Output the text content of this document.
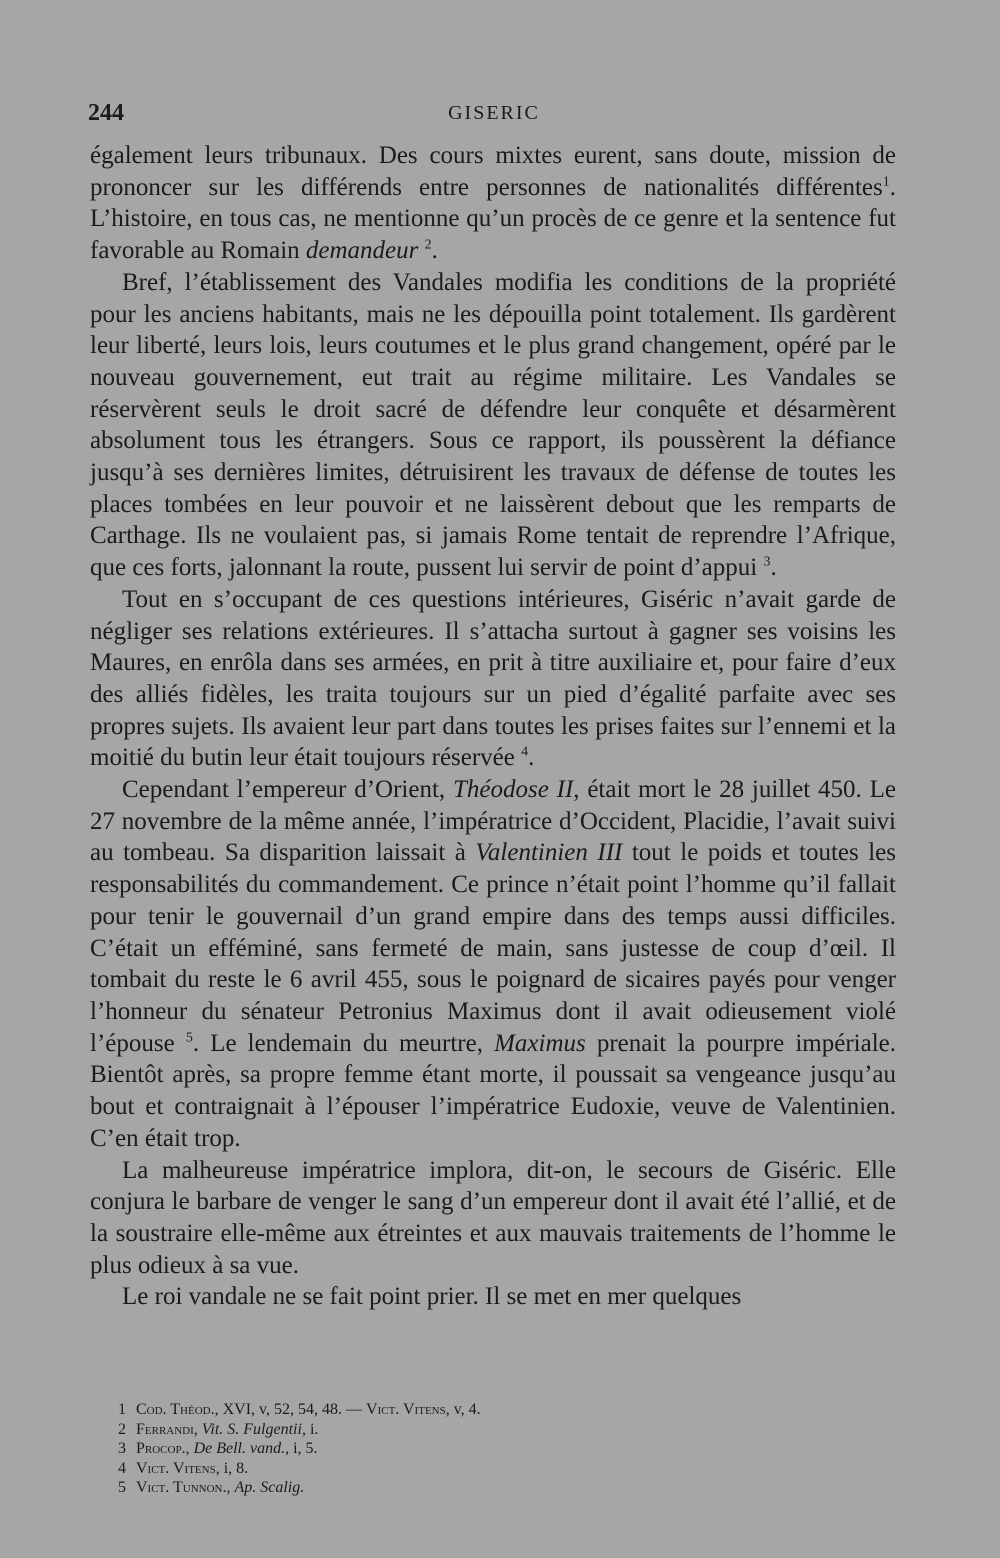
244	GISERIC

également leurs tribunaux. Des cours mixtes eurent, sans doute, mission de prononcer sur les différends entre personnes de nationalités différentes$^1$. L’histoire, en tous cas, ne mentionne qu’un procès de ce genre et la sentence fut favorable au Romain demandeur $^2$.

Bref, l’établissement des Vandales modifia les conditions de la propriété pour les anciens habitants, mais ne les dépouilla point totalement. Ils gardèrent leur liberté, leurs lois, leurs coutumes et le plus grand changement, opéré par le nouveau gouvernement, eut trait au régime militaire. Les Vandales se réservèrent seuls le droit sacré de défendre leur conquête et désarmèrent absolument tous les étrangers. Sous ce rapport, ils poussèrent la défiance jusqu’à ses dernières limites, détruisirent les travaux de défense de toutes les places tombées en leur pouvoir et ne laissèrent debout que les remparts de Carthage. Ils ne voulaient pas, si jamais Rome tentait de reprendre l’Afrique, que ces forts, jalonnant la route, pussent lui servir de point d’appui $^3$.

Tout en s’occupant de ces questions intérieures, Giséric n’avait garde de négliger ses relations extérieures. Il s’attacha surtout à gagner ses voisins les Maures, en enrôla dans ses armées, en prit à titre auxiliaire et, pour faire d’eux des alliés fidèles, les traita toujours sur un pied d’égalité parfaite avec ses propres sujets. Ils avaient leur part dans toutes les prises faites sur l’ennemi et la moitié du butin leur était toujours réservée $^4$.

Cependant l’empereur d’Orient, Théodose II, était mort le 28 juillet 450. Le 27 novembre de la même année, l’impératrice d’Occident, Placidie, l’avait suivi au tombeau. Sa disparition laissait à Valentinien III tout le poids et toutes les responsabilités du commandement. Ce prince n’était point l’homme qu’il fallait pour tenir le gouvernail d’un grand empire dans des temps aussi difficiles. C’était un efféminé, sans fermeté de main, sans justesse de coup d’œil. Il tombait du reste le 6 avril 455, sous le poignard de sicaires payés pour venger l’honneur du sénateur Petronius Maximus dont il avait odieusement violé l’épouse $^5$. Le lendemain du meurtre, Maximus prenait la pourpre impériale. Bientôt après, sa propre femme étant morte, il poussait sa vengeance jusqu’au bout et contraignait à l’épouser l’impératrice Eudoxie, veuve de Valentinien. C’en était trop.

La malheureuse impératrice implora, dit-on, le secours de Giséric. Elle conjura le barbare de venger le sang d’un empereur dont il avait été l’allié, et de la soustraire elle-même aux étreintes et aux mauvais traitements de l’homme le plus odieux à sa vue.

Le roi vandale ne se fait point prier. Il se met en mer quelques

1 Cod. Théod., XVI, v, 52, 54, 48. — Vict. Vitens, v, 4.

2 Ferrandi, Vit. S. Fulgentii, i.

3 Procop., De Bell. vand., i, 5.

4 Vict. Vitens, i, 8.

5 Vict. Tunnon., Ap. Scalig.
